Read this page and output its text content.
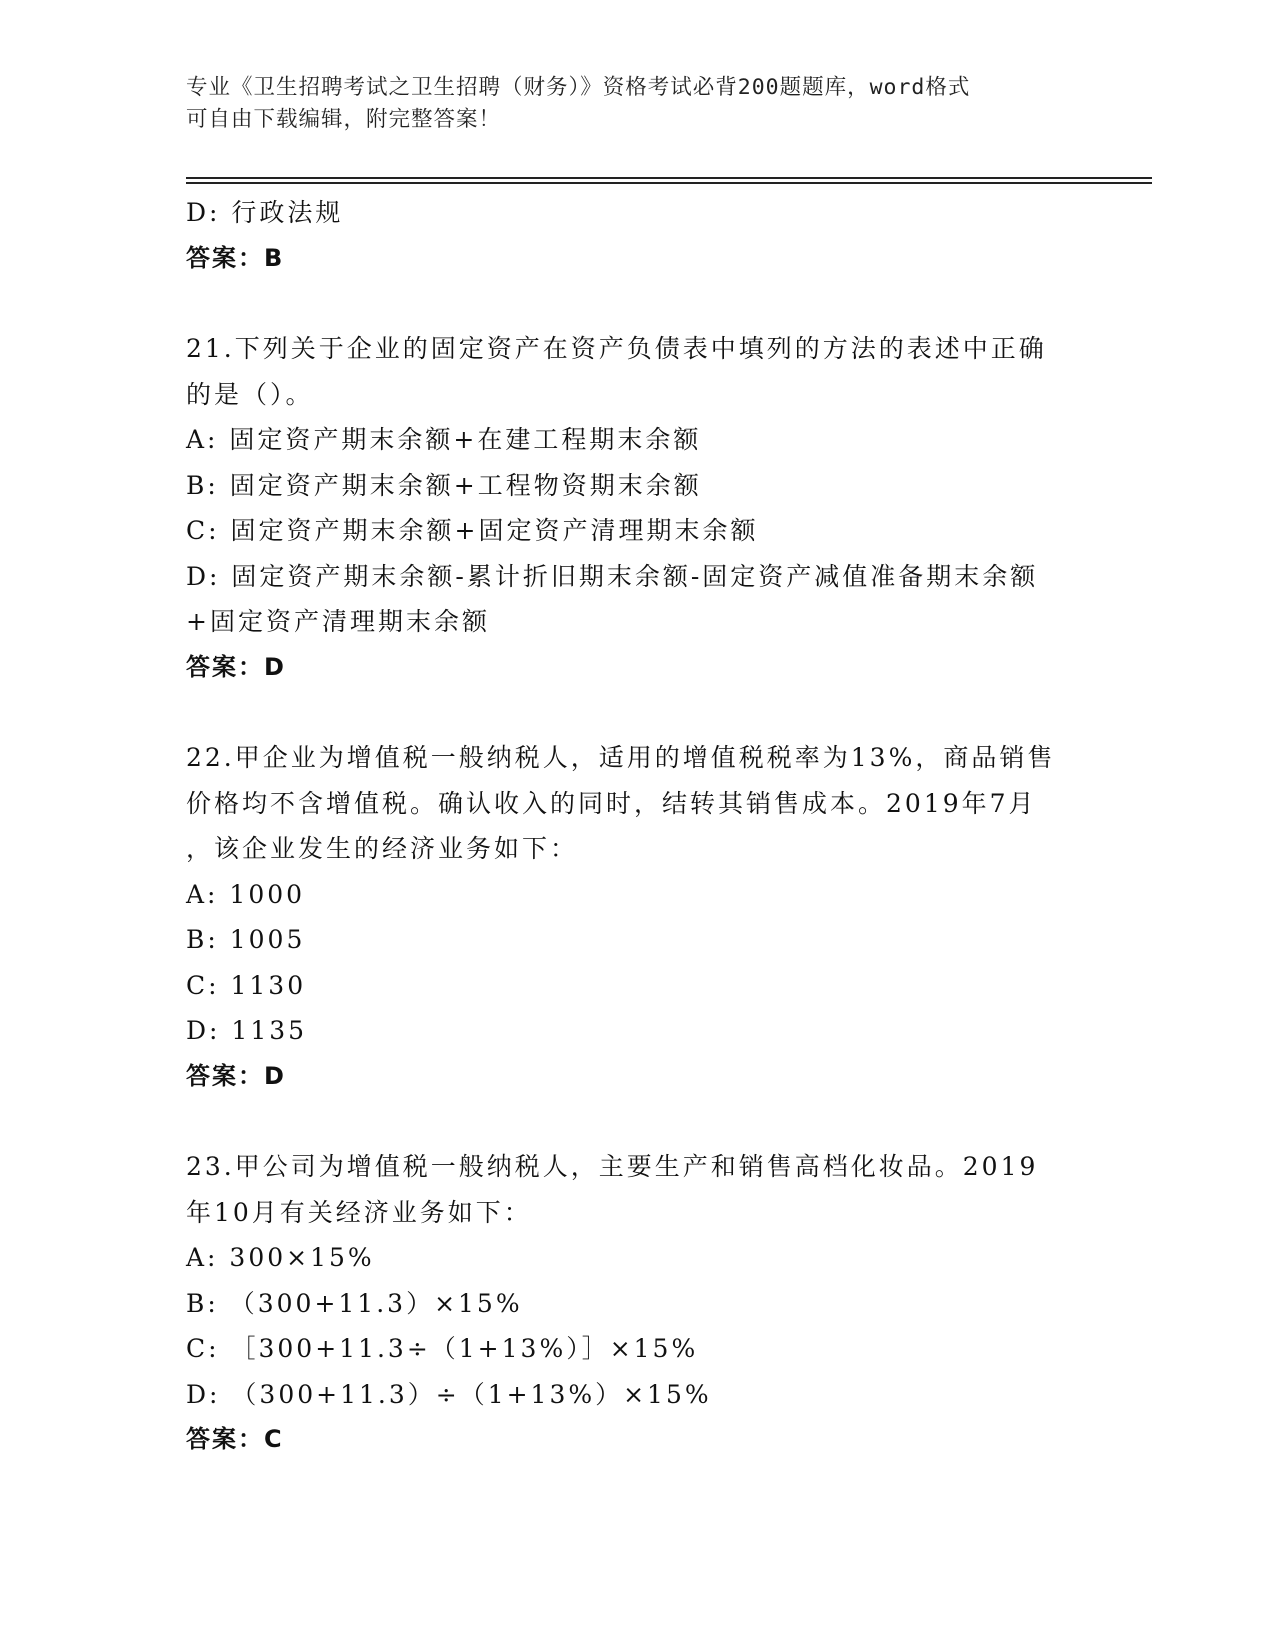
专业《卫生招聘考试之卫生招聘（财务）》资格考试必背200题题库，word格式
可自由下载编辑，附完整答案！
D: 行政法规
答案：B
21.下列关于企业的固定资产在资产负债表中填列的方法的表述中正确
的是（）。
A: 固定资产期末余额+在建工程期末余额
B: 固定资产期末余额+工程物资期末余额
C: 固定资产期末余额+固定资产清理期末余额
D: 固定资产期末余额-累计折旧期末余额-固定资产减值准备期末余额
+固定资产清理期末余额
答案：D
22.甲企业为增值税一般纳税人，适用的增值税税率为13%，商品销售
价格均不含增值税。确认收入的同时，结转其销售成本。2019年7月
，该企业发生的经济业务如下：
A: 1000
B: 1005
C: 1130
D: 1135
答案：D
23.甲公司为增值税一般纳税人，主要生产和销售高档化妆品。2019
年10月有关经济业务如下：
A: 300×15%
B: （300+11.3）×15%
C: ［300+11.3÷（1+13%）］×15%
D: （300+11.3）÷（1+13%）×15%
答案：C
